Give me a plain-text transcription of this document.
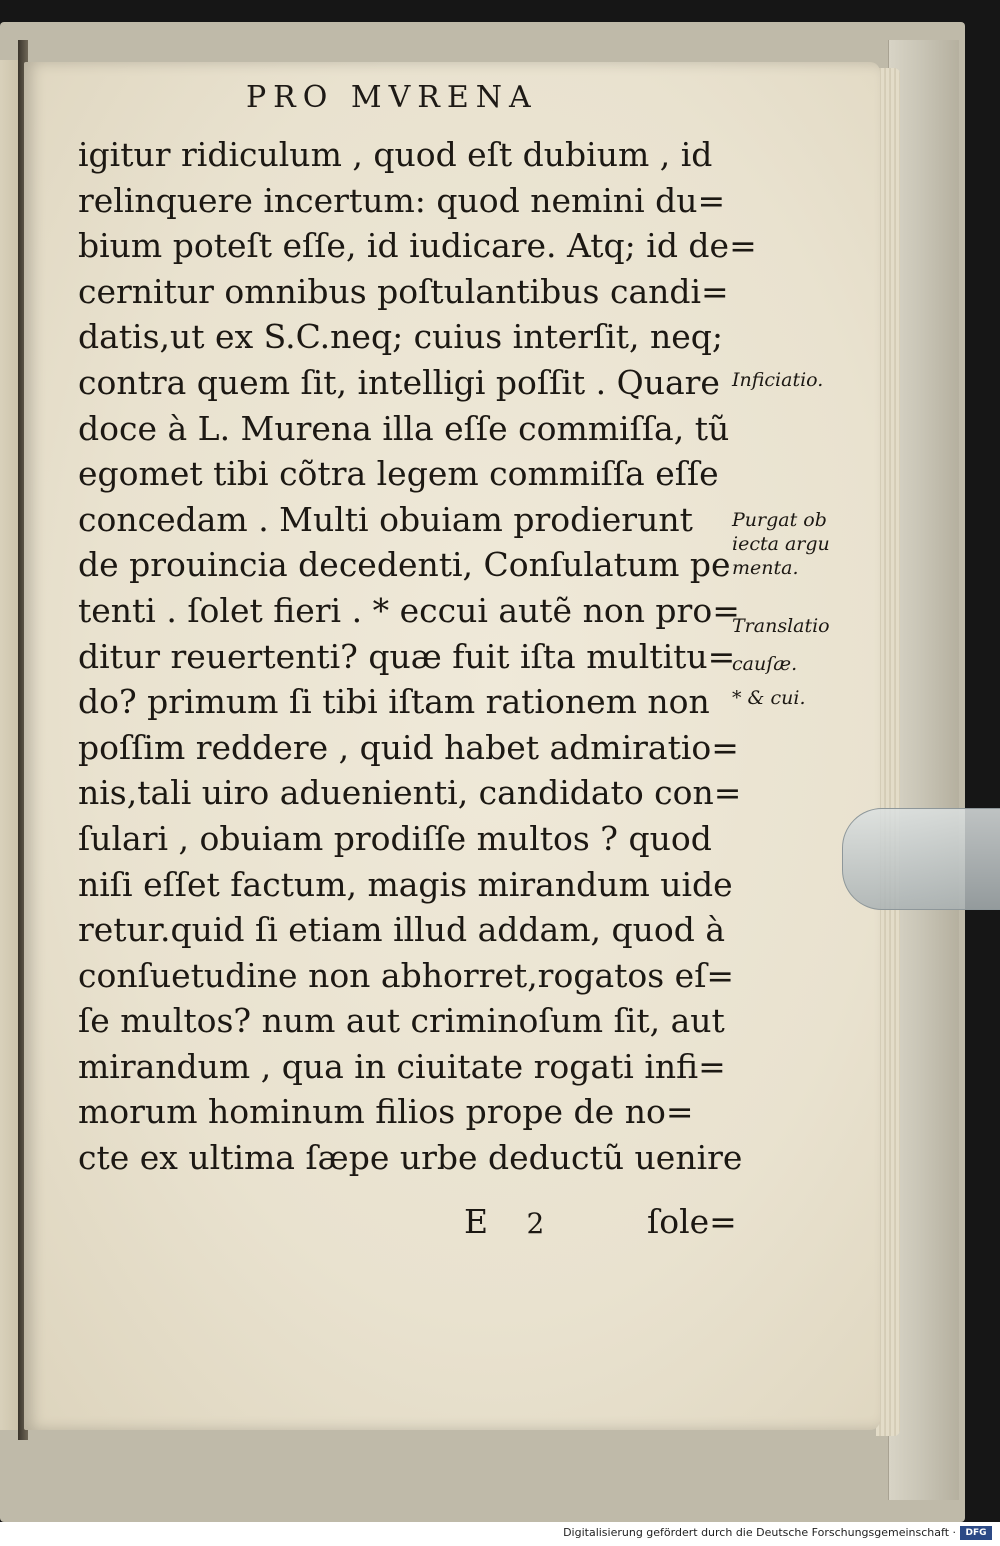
PRO MVRENA
igitur ridiculum , quod eſt dubium , id
relinquere incertum: quod nemini du=
bium poteſt eſſe, id iudicare. Atq; id de=
cernitur omnibus poſtulantibus candi=
datis,ut ex S.C.neq; cuius interſit, neq;
contra quem ſit, intelligi poſſit . Quare
doce à L. Murena illa eſſe commiſſa, tũ
egomet tibi cõtra legem commiſſa eſſe
concedam . Multi obuiam prodierunt
de prouincia decedenti, Conſulatum pe
tenti . ſolet fieri . * eccui autẽ non pro=
ditur reuertenti? quæ fuit iſta multitu=
do? primum ſi tibi iſtam rationem non
poſſim reddere , quid habet admiratio=
nis,tali uiro aduenienti, candidato con=
ſulari , obuiam prodiſſe multos ? quod
niſi eſſet factum, magis mirandum uide
retur.quid ſi etiam illud addam, quod à
conſuetudine non abhorret,rogatos eſ=
ſe multos? num aut criminoſum ſit, aut
mirandum , qua in ciuitate rogati infi=
morum hominum filios prope de no=
cte ex ultima ſæpe urbe deductũ uenire
Inficiatio.
Purgat ob
iecta argu
menta.
Translatio
cauſæ.
* & cui.
E 2	ſole=
Digitalisierung gefördert durch die Deutsche Forschungsgemeinschaft ·	DFG
